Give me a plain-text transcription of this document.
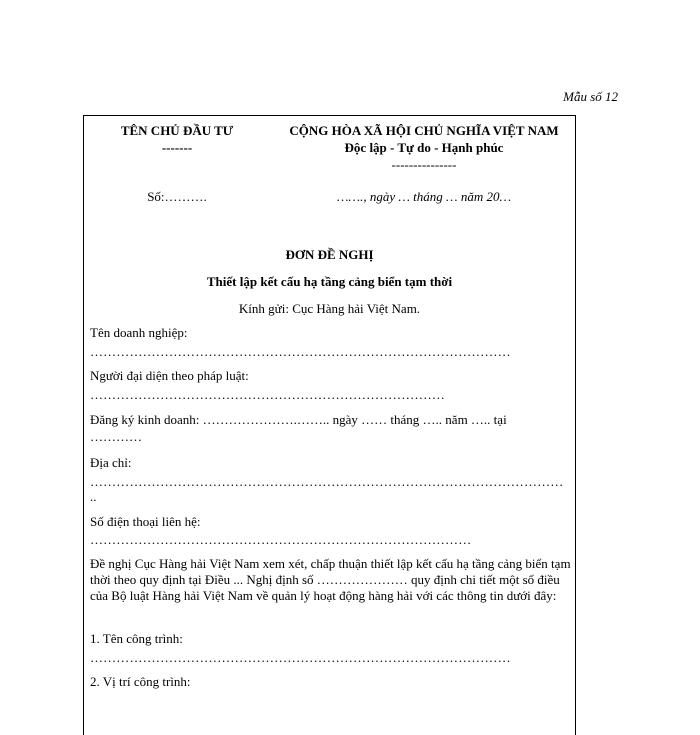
Mẫu số 12
TÊN CHỦ ĐẦU TƯ
-------
CỘNG HÒA XÃ HỘI CHỦ NGHĨA VIỆT NAM
Độc lập - Tự do - Hạnh phúc
---------------
Số:……….	……., ngày … tháng … năm 20…
ĐƠN ĐỀ NGHỊ
Thiết lập kết cấu hạ tầng cảng biển tạm thời
Kính gửi: Cục Hàng hải Việt Nam.
Tên doanh nghiệp:
……………………………………………………………………………………
Người đại diện theo pháp luật:
………………………………………………………………………
Đăng ký kinh doanh: ………………….…….. ngày …… tháng ….. năm ….. tại
…………
Địa chỉ:
………………………………………………………………………………………………
..
Số điện thoại liên hệ:
……………………………………………………………………………
Đề nghị Cục Hàng hải Việt Nam xem xét, chấp thuận thiết lập kết cấu hạ tầng cảng biển tạm thời theo quy định tại Điều ... Nghị định số ………………… quy định chi tiết một số điều của Bộ luật Hàng hải Việt Nam về quản lý hoạt động hàng hải với các thông tin dưới đây:
1. Tên công trình:
……………………………………………………………………………………
2. Vị trí công trình:
